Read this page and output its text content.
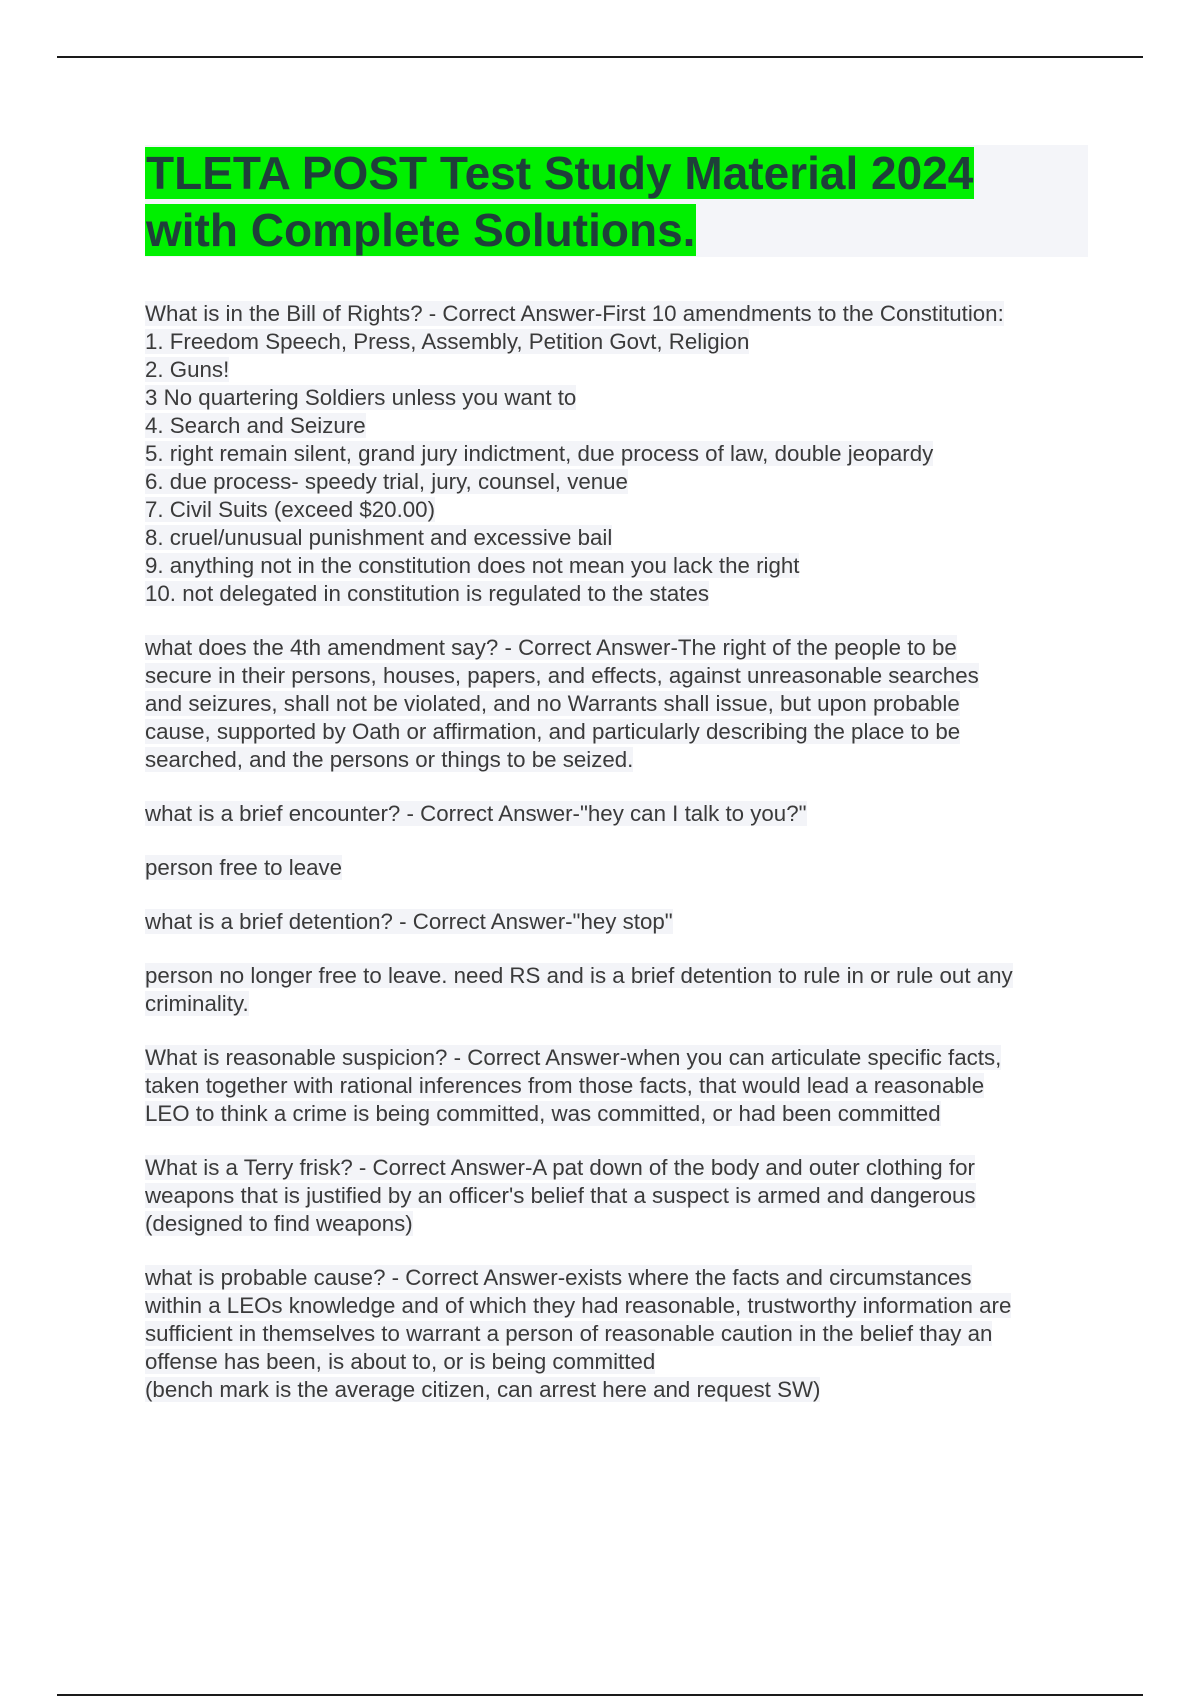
TLETA POST Test Study Material 2024
with Complete Solutions.
What is in the Bill of Rights? - Correct Answer-First 10 amendments to the Constitution:
1. Freedom Speech, Press, Assembly, Petition Govt, Religion
2. Guns!
3 No quartering Soldiers unless you want to
4. Search and Seizure
5. right remain silent, grand jury indictment, due process of law, double jeopardy
6. due process- speedy trial, jury, counsel, venue
7. Civil Suits (exceed $20.00)
8. cruel/unusual punishment and excessive bail
9. anything not in the constitution does not mean you lack the right
10. not delegated in constitution is regulated to the states
what does the 4th amendment say? - Correct Answer-The right of the people to be
secure in their persons, houses, papers, and effects, against unreasonable searches
and seizures, shall not be violated, and no Warrants shall issue, but upon probable
cause, supported by Oath or affirmation, and particularly describing the place to be
searched, and the persons or things to be seized.
what is a brief encounter? - Correct Answer-"hey can I talk to you?"
person free to leave
what is a brief detention? - Correct Answer-"hey stop"
person no longer free to leave. need RS and is a brief detention to rule in or rule out any
criminality.
What is reasonable suspicion? - Correct Answer-when you can articulate specific facts,
taken together with rational inferences from those facts, that would lead a reasonable
LEO to think a crime is being committed, was committed, or had been committed
What is a Terry frisk? - Correct Answer-A pat down of the body and outer clothing for
weapons that is justified by an officer's belief that a suspect is armed and dangerous
(designed to find weapons)
what is probable cause? - Correct Answer-exists where the facts and circumstances
within a LEOs knowledge and of which they had reasonable, trustworthy information are
sufficient in themselves to warrant a person of reasonable caution in the belief thay an
offense has been, is about to, or is being committed
(bench mark is the average citizen, can arrest here and request SW)
